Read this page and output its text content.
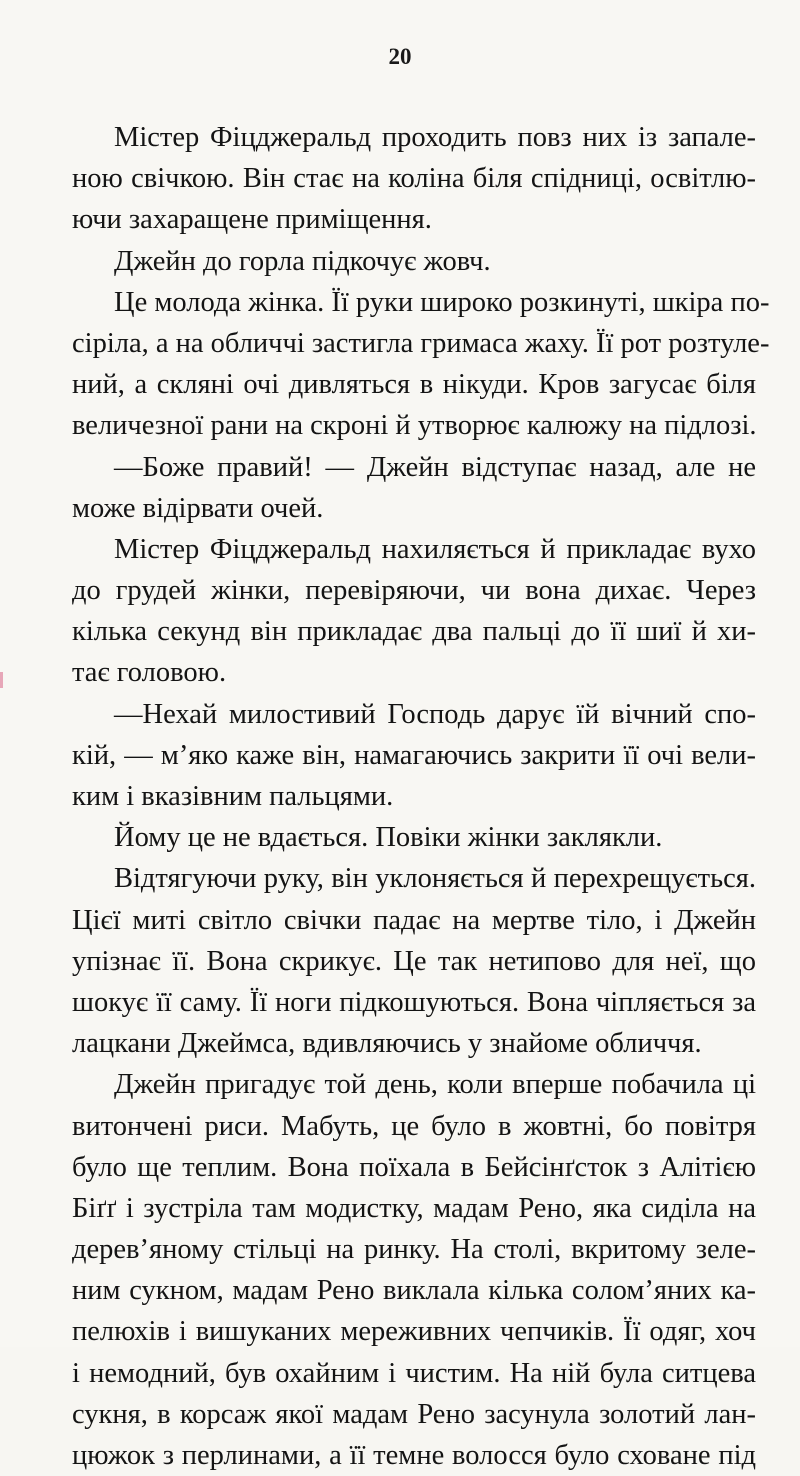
20
Містер Фіцджеральд проходить повз них із запале-
ною свічкою. Він стає на коліна біля спідниці, освітлю-
ючи захаращене приміщення.
Джейн до горла підкочує жовч.
Це молода жінка. Її руки широко розкинуті, шкіра по-
сіріла, а на обличчі застигла гримаса жаху. Її рот розтуле-
ний, а скляні очі дивляться в нікуди. Кров загусає біля
величезної рани на скроні й утворює калюжу на підлозі.
—Боже правий! — Джейн відступає назад, але не
може відірвати очей.
Містер Фіцджеральд нахиляється й прикладає вухо
до грудей жінки, перевіряючи, чи вона дихає. Через
кілька секунд він прикладає два пальці до її шиї й хи-
тає головою.
—Нехай милостивий Господь дарує їй вічний спо-
кій, — м’яко каже він, намагаючись закрити її очі вели-
ким і вказівним пальцями.
Йому це не вдається. Повіки жінки заклякли.
Відтягуючи руку, він уклоняється й перехрещується.
Цієї миті світло свічки падає на мертве тіло, і Джейн
упізнає її. Вона скрикує. Це так нетипово для неї, що
шокує її саму. Її ноги підкошуються. Вона чіпляється за
лацкани Джеймса, вдивляючись у знайоме обличчя.
Джейн пригадує той день, коли вперше побачила ці
витончені риси. Мабуть, це було в жовтні, бо повітря
було ще теплим. Вона поїхала в Бейсінґсток з Алітією
Біґґ і зустріла там модистку, мадам Рено, яка сиділа на
дерев’яному стільці на ринку. На столі, вкритому зеле-
ним сукном, мадам Рено виклала кілька солом’яних ка-
пелюхів і вишуканих мереживних чепчиків. Її одяг, хоч
і немодний, був охайним і чистим. На ній була ситцева
сукня, в корсаж якої мадам Рено засунула золотий лан-
цюжок з перлинами, а її темне волосся було сховане під
